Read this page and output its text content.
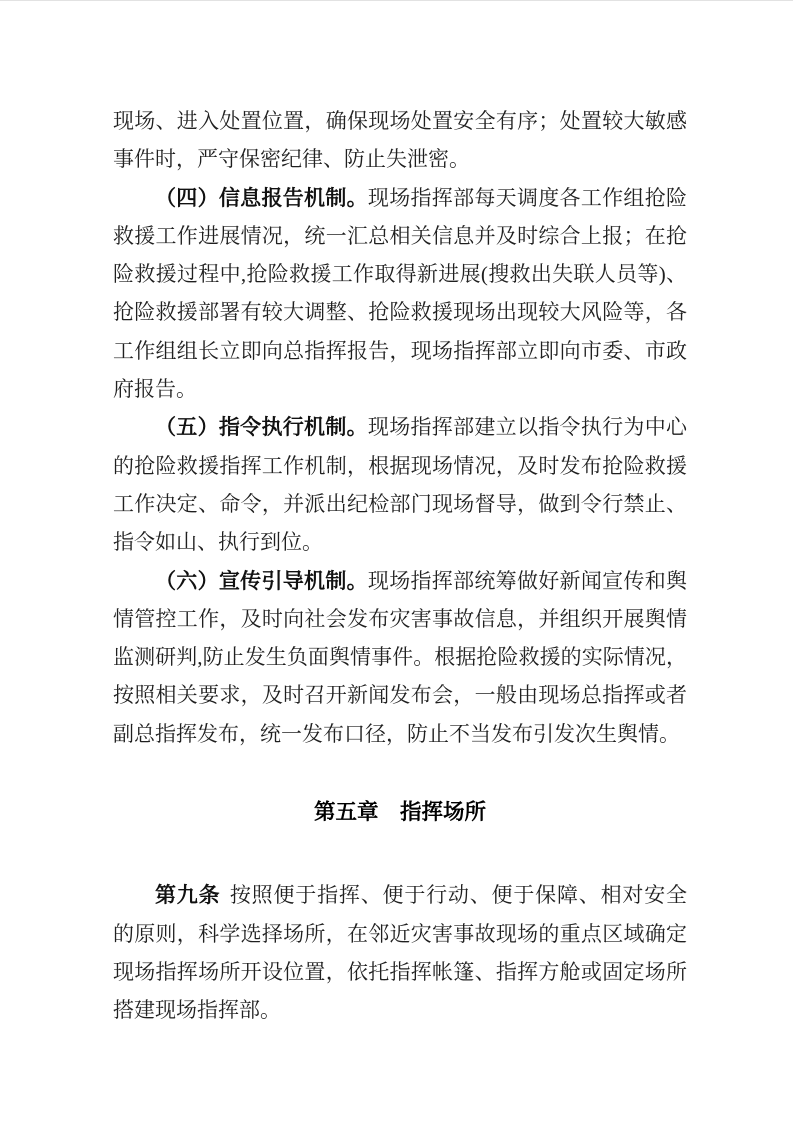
现场、进入处置位置，确保现场处置安全有序；处置较大敏感事件时，严守保密纪律、防止失泄密。

（四）信息报告机制。现场指挥部每天调度各工作组抢险救援工作进展情况，统一汇总相关信息并及时综合上报；在抢险救援过程中,抢险救援工作取得新进展(搜救出失联人员等)、抢险救援部署有较大调整、抢险救援现场出现较大风险等，各工作组组长立即向总指挥报告，现场指挥部立即向市委、市政府报告。

（五）指令执行机制。现场指挥部建立以指令执行为中心的抢险救援指挥工作机制，根据现场情况，及时发布抢险救援工作决定、命令，并派出纪检部门现场督导，做到令行禁止、指令如山、执行到位。

（六）宣传引导机制。现场指挥部统筹做好新闻宣传和舆情管控工作，及时向社会发布灾害事故信息，并组织开展舆情监测研判,防止发生负面舆情事件。根据抢险救援的实际情况，按照相关要求，及时召开新闻发布会，一般由现场总指挥或者副总指挥发布，统一发布口径，防止不当发布引发次生舆情。

第五章　指挥场所

第九条 按照便于指挥、便于行动、便于保障、相对安全的原则，科学选择场所，在邻近灾害事故现场的重点区域确定现场指挥场所开设位置，依托指挥帐篷、指挥方舱或固定场所搭建现场指挥部。
